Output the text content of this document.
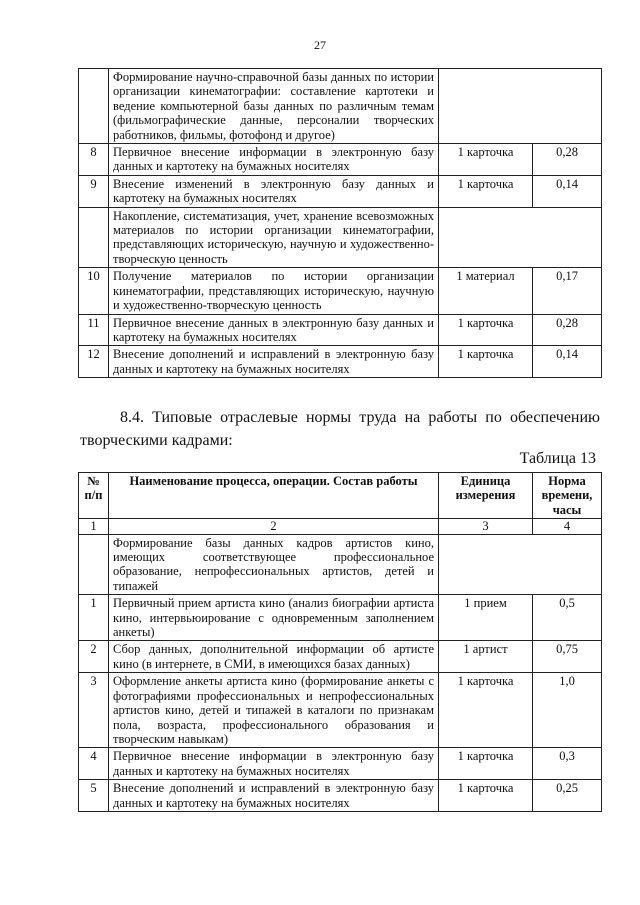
27
	Формирование научно-справочной базы данных по истории организации кинематографии: составление картотеки и ведение компьютерной базы данных по различным темам (фильмографические данные, персоналии творческих работников, фильмы, фотофонд и другое)		
8	Первичное внесение информации в электронную базу данных и картотеку на бумажных носителях	1 карточка	0,28
9	Внесение изменений в электронную базу данных и картотеку на бумажных носителях	1 карточка	0,14
	Накопление, систематизация, учет, хранение всевозможных материалов по истории организации кинематографии, представляющих историческую, научную и художественно-творческую ценность		
10	Получение материалов по истории организации кинематографии, представляющих историческую, научную и художественно-творческую ценность	1 материал	0,17
11	Первичное внесение данных в электронную базу данных и картотеку на бумажных носителях	1 карточка	0,28
12	Внесение дополнений и исправлений в электронную базу данных и картотеку на бумажных носителях	1 карточка	0,14
8.4. Типовые отраслевые нормы труда на работы по обеспечению творческими кадрами:
Таблица 13
№ п/п	Наименование процесса, операции. Состав работы	Единица измерения	Норма времени, часы
1	2	3	4
	Формирование базы данных кадров артистов кино, имеющих соответствующее профессиональное образование, непрофессиональных артистов, детей и типажей		
1	Первичный прием артиста кино (анализ биографии артиста кино, интервьюирование с одновременным заполнением анкеты)	1 прием	0,5
2	Сбор данных, дополнительной информации об артисте кино (в интернете, в СМИ, в имеющихся базах данных)	1 артист	0,75
3	Оформление анкеты артиста кино (формирование анкеты с фотографиями профессиональных и непрофессиональных артистов кино, детей и типажей в каталоги по признакам пола, возраста, профессионального образования и творческим навыкам)	1 карточка	1,0
4	Первичное внесение информации в электронную базу данных и картотеку на бумажных носителях	1 карточка	0,3
5	Внесение дополнений и исправлений в электронную базу данных и картотеку на бумажных носителях	1 карточка	0,25
